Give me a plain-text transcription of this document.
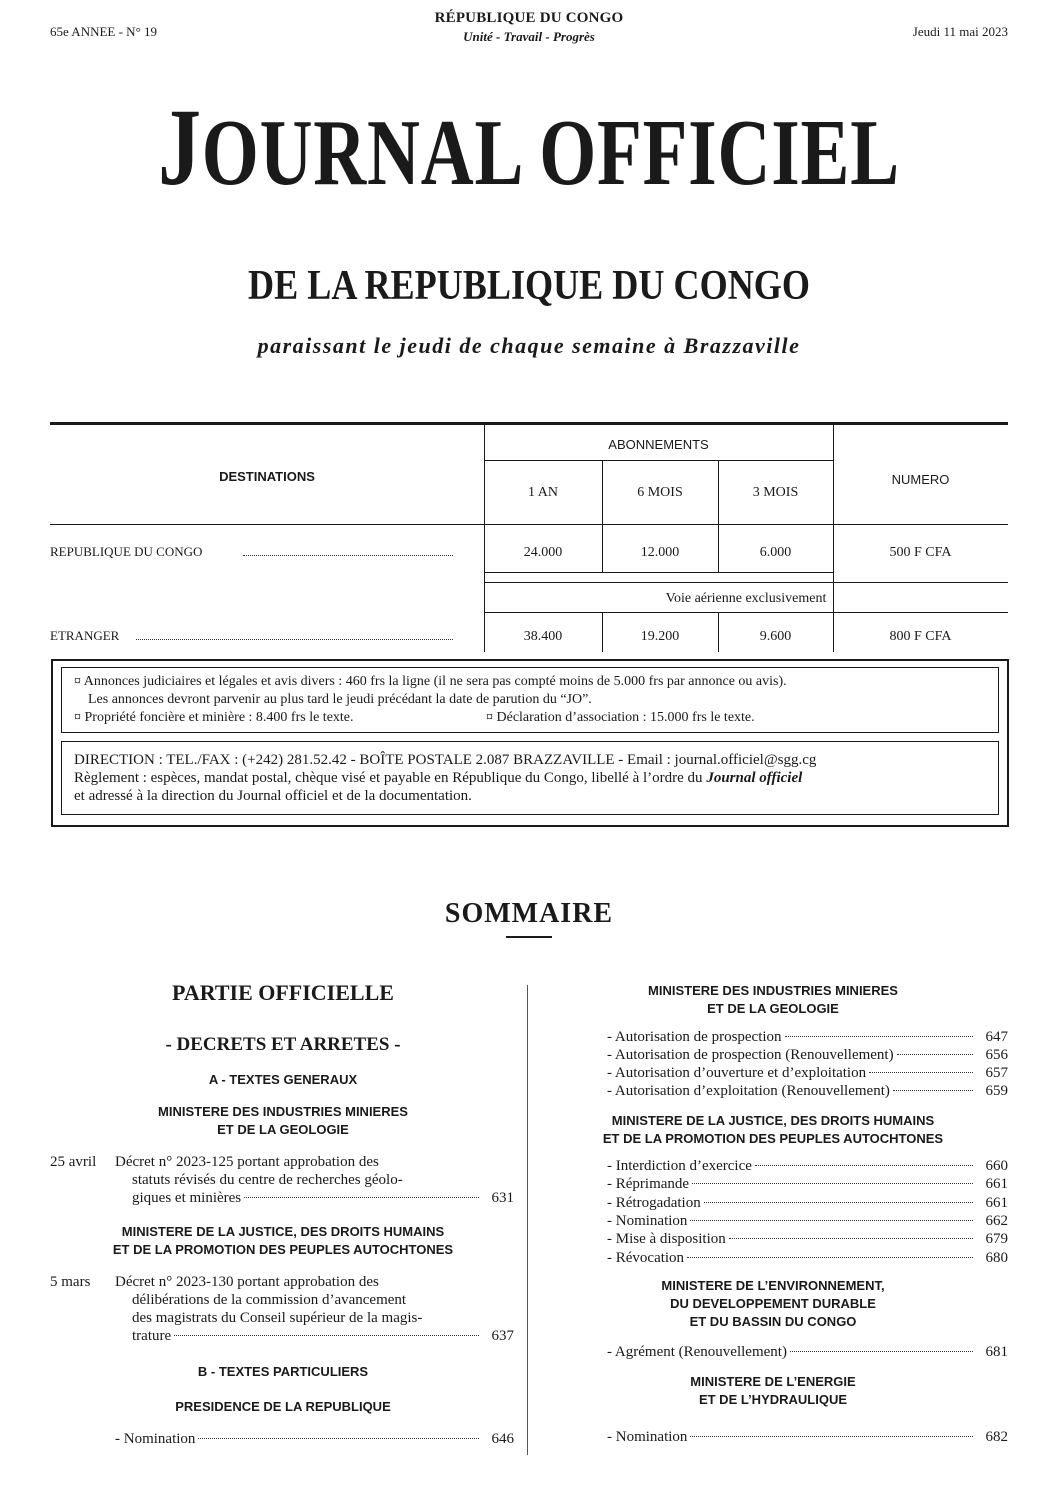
65e ANNEE - N° 19
RÉPUBLIQUE DU CONGO
Unité - Travail - Progrès	Jeudi 11 mai 2023
JOURNAL OFFICIEL
DE LA REPUBLIQUE DU CONGO
paraissant le jeudi de chaque semaine à Brazzaville
DESTINATIONS
ABONNEMENTS
NUMERO
1 AN	6 MOIS	3 MOIS
REPUBLIQUE DU CONGO	24.000	12.000	6.000	500 F CFA
Voie aérienne exclusivement
ETRANGER	38.400	19.200	9.600	800 F CFA
¤ Annonces judiciaires et légales et avis divers : 460 frs la ligne (il ne sera pas compté moins de 5.000 frs par annonce ou avis).
Les annonces devront parvenir au plus tard le jeudi précédant la date de parution du “JO”.
¤ Propriété foncière et minière : 8.400 frs le texte.	¤ Déclaration d’association : 15.000 frs le texte.
DIRECTION : TEL./FAX : (+242) 281.52.42 - BOÎTE POSTALE 2.087 BRAZZAVILLE - Email : journal.officiel@sgg.cg
Règlement : espèces, mandat postal, chèque visé et payable en République du Congo, libellé à l’ordre du Journal officiel
et adressé à la direction du Journal officiel et de la documentation.
SOMMAIRE
PARTIE OFFICIELLE
- DECRETS ET ARRETES -
A - TEXTES GENERAUX
MINISTERE DES INDUSTRIES MINIERES
ET DE LA GEOLOGIE
25 avril Décret n° 2023-125 portant approbation des
statuts révisés du centre de recherches géolo-
giques et minières	631
MINISTERE DE LA JUSTICE, DES DROITS HUMAINS
ET DE LA PROMOTION DES PEUPLES AUTOCHTONES
5 mars Décret n° 2023-130 portant approbation des
délibérations de la commission d’avancement
des magistrats du Conseil supérieur de la magis-
trature	637
B - TEXTES PARTICULIERS
PRESIDENCE DE LA REPUBLIQUE
- Nomination	646
MINISTERE DES INDUSTRIES MINIERES
ET DE LA GEOLOGIE
- Autorisation de prospection	647
- Autorisation de prospection (Renouvellement)	656
- Autorisation d’ouverture et d’exploitation	657
- Autorisation d’exploitation (Renouvellement)	659
MINISTERE DE LA JUSTICE, DES DROITS HUMAINS
ET DE LA PROMOTION DES PEUPLES AUTOCHTONES
- Interdiction d’exercice	660
- Réprimande	661
- Rétrogadation	661
- Nomination	662
- Mise à disposition	679
- Révocation	680
MINISTERE DE L’ENVIRONNEMENT,
DU DEVELOPPEMENT DURABLE
ET DU BASSIN DU CONGO
- Agrément (Renouvellement)	681
MINISTERE DE L’ENERGIE
ET DE L’HYDRAULIQUE
- Nomination	682
